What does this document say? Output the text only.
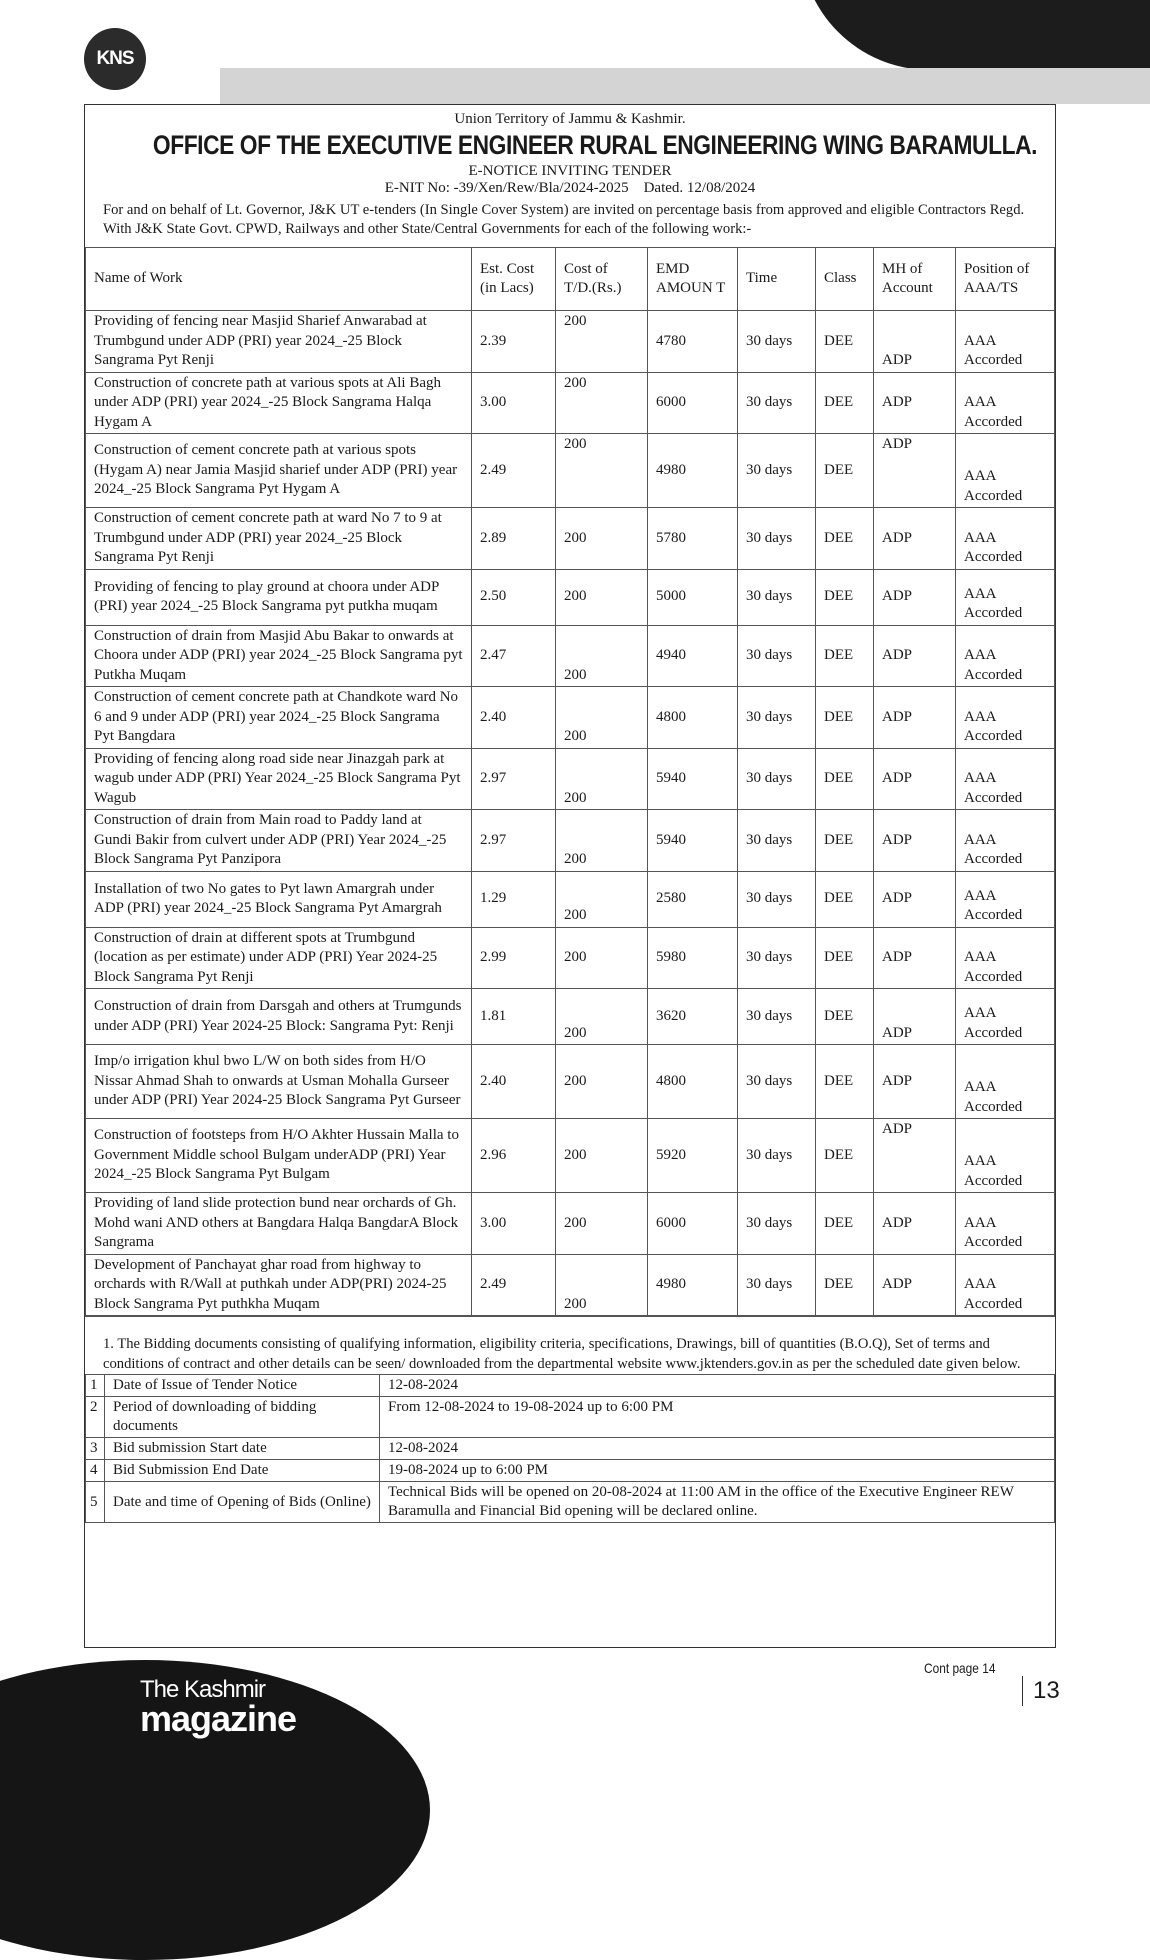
KNS
Union Territory of Jammu & Kashmir.
OFFICE OF THE EXECUTIVE ENGINEER RURAL ENGINEERING WING BARAMULLA.
E-NOTICE INVITING TENDER
E-NIT No: -39/Xen/Rew/Bla/2024-2025    Dated. 12/08/2024
For and on behalf of Lt. Governor, J&K UT e-tenders (In Single Cover System) are invited on percentage basis from approved and eligible Contractors Regd. With J&K State Govt. CPWD, Railways and other State/Central Governments for each of the following work:-
Name of Work	Est. Cost (in Lacs)	Cost of T/D.(Rs.)	EMD AMOUN T	Time	Class	MH of Account	Position of AAA/TS
Providing of fencing near Masjid Sharief Anwarabad at Trumbgund under ADP (PRI) year 2024_-25 Block Sangrama Pyt Renji	2.39	200	4780	30 days	DEE	ADP	AAA Accorded
Construction of concrete path at various spots at Ali Bagh under ADP (PRI) year 2024_-25 Block Sangrama Halqa Hygam A	3.00	200	6000	30 days	DEE	ADP	AAA Accorded
Construction of cement concrete path at various spots (Hygam A) near Jamia Masjid sharief under ADP (PRI) year 2024_-25 Block Sangrama Pyt Hygam A	2.49	200	4980	30 days	DEE	ADP	AAA Accorded
Construction of cement concrete path at ward No 7 to 9 at Trumbgund under ADP (PRI) year 2024_-25 Block Sangrama Pyt Renji	2.89	200	5780	30 days	DEE	ADP	AAA Accorded
Providing of fencing to play ground at choora under ADP (PRI) year 2024_-25 Block Sangrama pyt putkha muqam	2.50	200	5000	30 days	DEE	ADP	AAA Accorded
Construction of drain from Masjid Abu Bakar to onwards at Choora under ADP (PRI) year 2024_-25 Block Sangrama pyt Putkha Muqam	2.47	200	4940	30 days	DEE	ADP	AAA Accorded
Construction of cement concrete path at Chandkote ward No 6 and 9 under ADP (PRI) year 2024_-25 Block Sangrama Pyt Bangdara	2.40	200	4800	30 days	DEE	ADP	AAA Accorded
Providing of fencing along road side near Jinazgah park at wagub under ADP (PRI) Year 2024_-25 Block Sangrama Pyt Wagub	2.97	200	5940	30 days	DEE	ADP	AAA Accorded
Construction of drain from Main road to Paddy land at Gundi Bakir from culvert under ADP (PRI) Year 2024_-25 Block Sangrama Pyt Panzipora	2.97	200	5940	30 days	DEE	ADP	AAA Accorded
Installation of two No gates to Pyt lawn Amargrah under ADP (PRI) year 2024_-25 Block Sangrama Pyt Amargrah	1.29	200	2580	30 days	DEE	ADP	AAA Accorded
Construction of drain at different spots at Trumbgund (location as per estimate) under ADP (PRI) Year 2024-25 Block Sangrama Pyt Renji	2.99	200	5980	30 days	DEE	ADP	AAA Accorded
Construction of drain from Darsgah and others at Trumgunds under ADP (PRI) Year 2024-25 Block: Sangrama Pyt: Renji	1.81	200	3620	30 days	DEE	ADP	AAA Accorded
Imp/o irrigation khul bwo L/W on both sides from H/O Nissar Ahmad Shah to onwards at Usman Mohalla Gurseer under ADP (PRI) Year 2024-25 Block Sangrama Pyt Gurseer	2.40	200	4800	30 days	DEE	ADP	AAA Accorded
Construction of footsteps from H/O Akhter Hussain Malla to Government Middle school Bulgam underADP (PRI) Year 2024_-25 Block Sangrama Pyt Bulgam	2.96	200	5920	30 days	DEE	ADP	AAA Accorded
Providing of land slide protection bund near orchards of Gh. Mohd wani AND others at Bangdara Halqa BangdarA Block Sangrama	3.00	200	6000	30 days	DEE	ADP	AAA Accorded
Development of Panchayat ghar road from highway to orchards with R/Wall at puthkah under ADP(PRI) 2024-25 Block Sangrama Pyt puthkha Muqam	2.49	200	4980	30 days	DEE	ADP	AAA Accorded
1. The Bidding documents consisting of qualifying information, eligibility criteria, specifications, Drawings, bill of quantities (B.O.Q), Set of terms and conditions of contract and other details can be seen/ downloaded from the departmental website www.jktenders.gov.in as per the scheduled date given below.
1	Date of Issue of Tender Notice	12-08-2024
2	Period of downloading of bidding documents	From 12-08-2024 to 19-08-2024 up to 6:00 PM
3	Bid submission Start date	12-08-2024
4	Bid Submission End Date	19-08-2024 up to 6:00 PM
5	Date and time of Opening of Bids (Online)	Technical Bids will be opened on 20-08-2024 at 11:00 AM in the office of the Executive Engineer REW Baramulla and Financial Bid opening will be declared online.
Cont page 14
13
The Kashmir
magazine
